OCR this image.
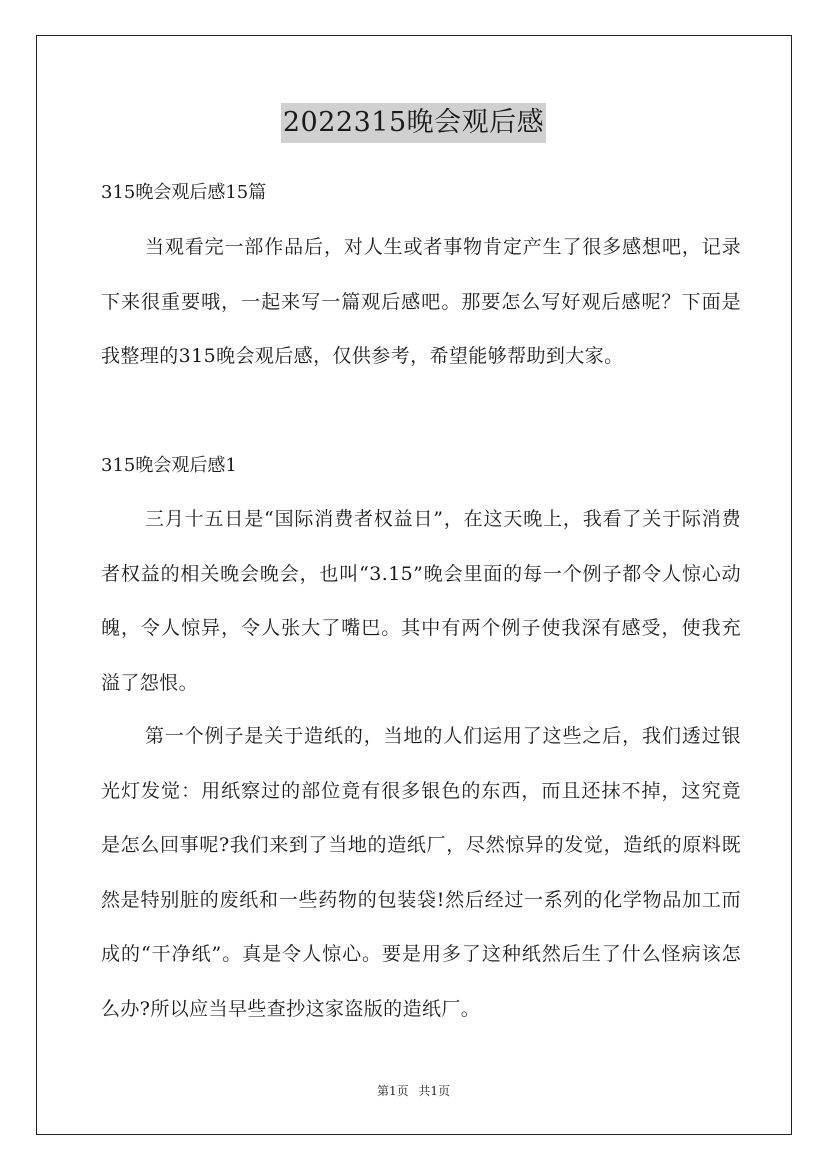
2022315晚会观后感
315晚会观后感15篇
当观看完一部作品后，对人生或者事物肯定产生了很多感想吧，记录下来很重要哦，一起来写一篇观后感吧。那要怎么写好观后感呢？下面是我整理的315晚会观后感，仅供参考，希望能够帮助到大家。
315晚会观后感1
三月十五日是“国际消费者权益日”，在这天晚上，我看了关于际消费者权益的相关晚会晚会，也叫“3.15”晚会里面的每一个例子都令人惊心动魄，令人惊异，令人张大了嘴巴。其中有两个例子使我深有感受，使我充溢了怨恨。
第一个例子是关于造纸的，当地的人们运用了这些之后，我们透过银光灯发觉：用纸察过的部位竟有很多银色的东西，而且还抹不掉，这究竟是怎么回事呢?我们来到了当地的造纸厂，尽然惊异的发觉，造纸的原料既然是特别脏的废纸和一些药物的包装袋!然后经过一系列的化学物品加工而成的“干净纸”。真是令人惊心。要是用多了这种纸然后生了什么怪病该怎么办?所以应当早些查抄这家盗版的造纸厂。
第1页 共1页
